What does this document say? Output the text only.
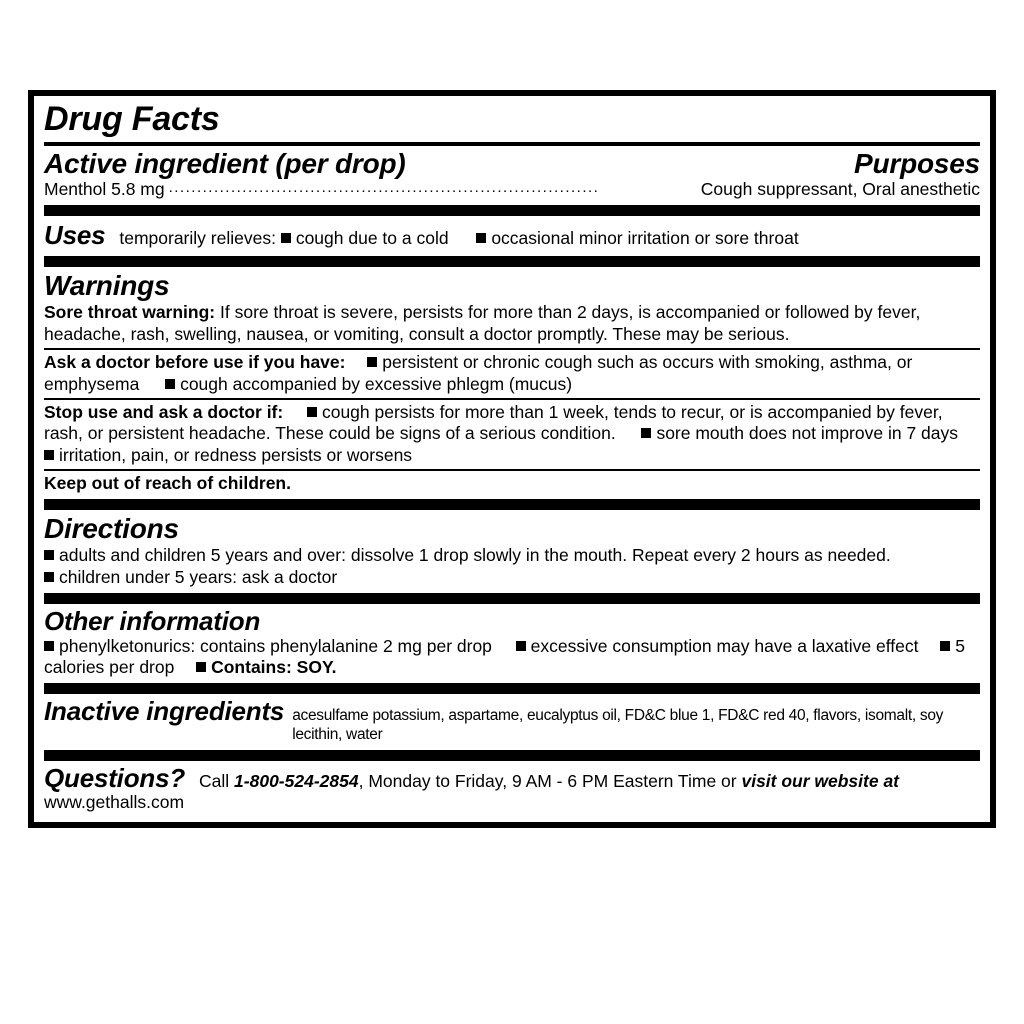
Drug Facts
Active ingredient (per drop)	Purposes
Menthol 5.8 mg ............................................................................	Cough suppressant, Oral anesthetic
Uses temporarily relieves: cough due to a cold occasional minor irritation or sore throat
Warnings
Sore throat warning: If sore throat is severe, persists for more than 2 days, is accompanied or followed by fever, headache, rash, swelling, nausea, or vomiting, consult a doctor promptly. These may be serious.
Ask a doctor before use if you have: persistent or chronic cough such as occurs with smoking, asthma, or emphysema cough accompanied by excessive phlegm (mucus)
Stop use and ask a doctor if: cough persists for more than 1 week, tends to recur, or is accompanied by fever, rash, or persistent headache. These could be signs of a serious condition. sore mouth does not improve in 7 days
irritation, pain, or redness persists or worsens
Keep out of reach of children.
Directions
adults and children 5 years and over: dissolve 1 drop slowly in the mouth. Repeat every 2 hours as needed.
children under 5 years: ask a doctor
Other information
phenylketonurics: contains phenylalanine 2 mg per drop excessive consumption may have a laxative effect 5 calories per drop Contains: SOY.
Inactive ingredients acesulfame potassium, aspartame, eucalyptus oil, FD&C blue 1, FD&C red 40, flavors, isomalt, soy lecithin, water
Questions? Call 1-800-524-2854, Monday to Friday, 9 AM - 6 PM Eastern Time or visit our website at
www.gethalls.com
